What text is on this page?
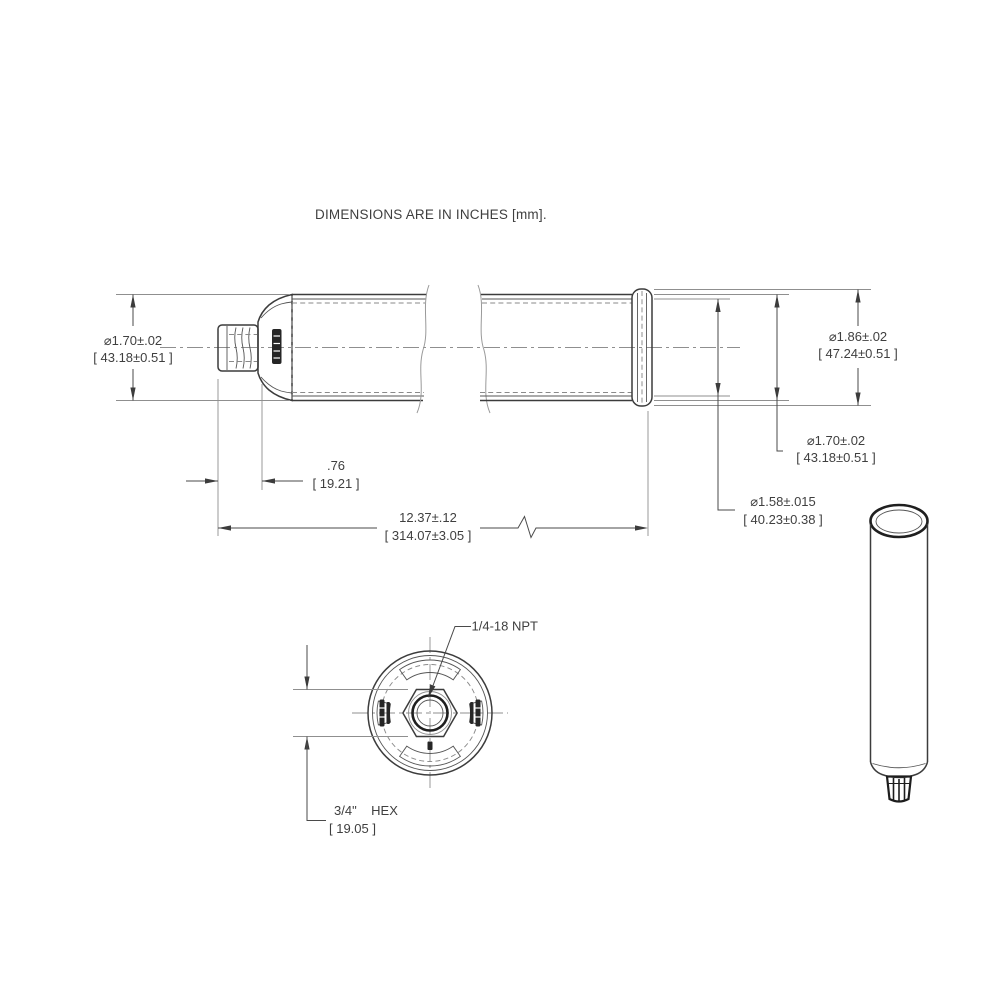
DIMENSIONS ARE IN INCHES [mm].
⌀1.70±.02
[ 43.18±0.51 ]
⌀1.58±.015
[ 40.23±0.38 ]
⌀1.70±.02
[ 43.18±0.51 ]
⌀1.86±.02
[ 47.24±0.51 ]
.76
[ 19.21 ]
12.37±.12
[ 314.07±3.05 ]
1/4-18 NPT
3/4"    HEX
[ 19.05 ]
